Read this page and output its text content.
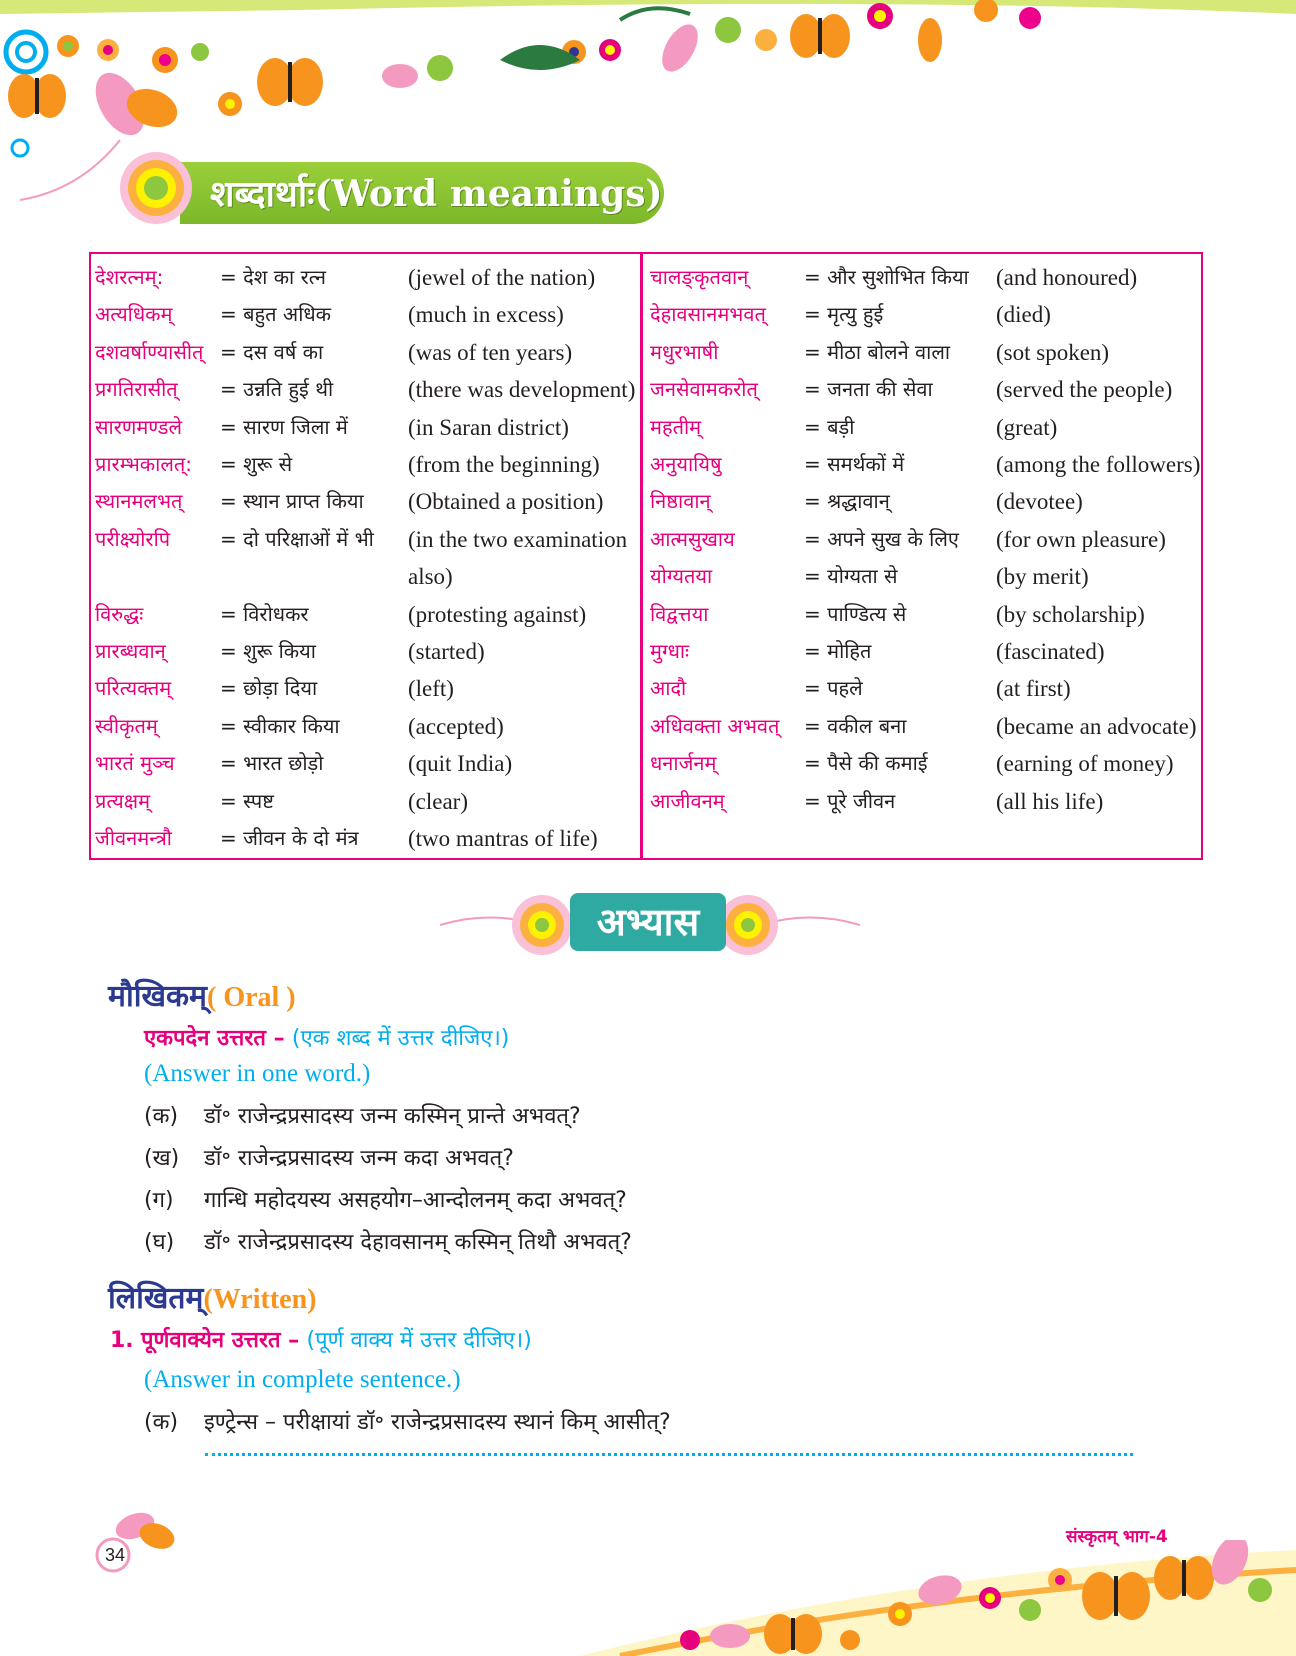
शब्दार्थाः(Word meanings)
देशरत्नम्:	= देश का रत्न	(jewel of the nation)
अत्यधिकम् = बहुत अधिक	(much in excess)
दशवर्षाण्यासीत् = दस वर्ष का	(was of ten years)
प्रगतिरासीत् = उन्नति हुई थी	(there was development)
सारणमण्डले = सारण जिला में	(in Saran district)
प्रारम्भकालत्: = शुरू से	(from the beginning)
स्थानमलभत् = स्थान प्राप्त किया (Obtained a position)
परीक्ष्योरपि = दो परिक्षाओं में भी (in the two examination
also)
विरुद्धः	= विरोधकर	(protesting against)
प्रारब्धवान्	= शुरू किया	(started)
परित्यक्तम् = छोड़ा दिया	(left)
स्वीकृतम्	= स्वीकार किया	(accepted)
भारतं मुञ्च = भारत छोड़ो	(quit India)
प्रत्यक्षम्	= स्पष्ट	(clear)
जीवनमन्त्रौ = जीवन के दो मंत्र (two mantras of life)
चालङ्कृतवान्	= और सुशोभित किया (and honoured)
देहावसानमभवत् = मृत्यु हुई	(died)
मधुरभाषी	= मीठा बोलने वाला (sot spoken)
जनसेवामकरोत् = जनता की सेवा	(served the people)
महतीम्	= बड़ी	(great)
अनुयायिषु	= समर्थकों में	(among the followers)
निष्ठावान्	= श्रद्धावान्	(devotee)
आत्मसुखाय	= अपने सुख के लिए (for own pleasure)
योग्यतया	= योग्यता से	(by merit)
विद्वत्तया	= पाण्डित्य से	(by scholarship)
मुग्धाः	= मोहित	(fascinated)
आदौ	= पहले	(at first)
अधिवक्ता अभवत् = वकील बना	(became an advocate)
धनार्जनम्	= पैसे की कमाई	(earning of money)
आजीवनम्	= पूरे जीवन	(all his life)
अभ्यास
मौखिकम्( Oral )
एकपदेन उत्तरत – (एक शब्द में उत्तर दीजिए।)
(Answer in one word.)
(क) डॉ॰ राजेन्द्रप्रसादस्य जन्म कस्मिन् प्रान्ते अभवत्?
(ख) डॉ॰ राजेन्द्रप्रसादस्य जन्म कदा अभवत्?
(ग) गान्धि महोदयस्य असहयोग–आन्दोलनम् कदा अभवत्?
(घ) डॉ॰ राजेन्द्रप्रसादस्य देहावसानम् कस्मिन् तिथौ अभवत्?
लिखितम्(Written)
1. पूर्णवाक्येन उत्तरत – (पूर्ण वाक्य में उत्तर दीजिए।)
(Answer in complete sentence.)
(क) इण्ट्रेन्स – परीक्षायां डॉ॰ राजेन्द्रप्रसादस्य स्थानं किम् आसीत्?
34
संस्कृतम् भाग-4
